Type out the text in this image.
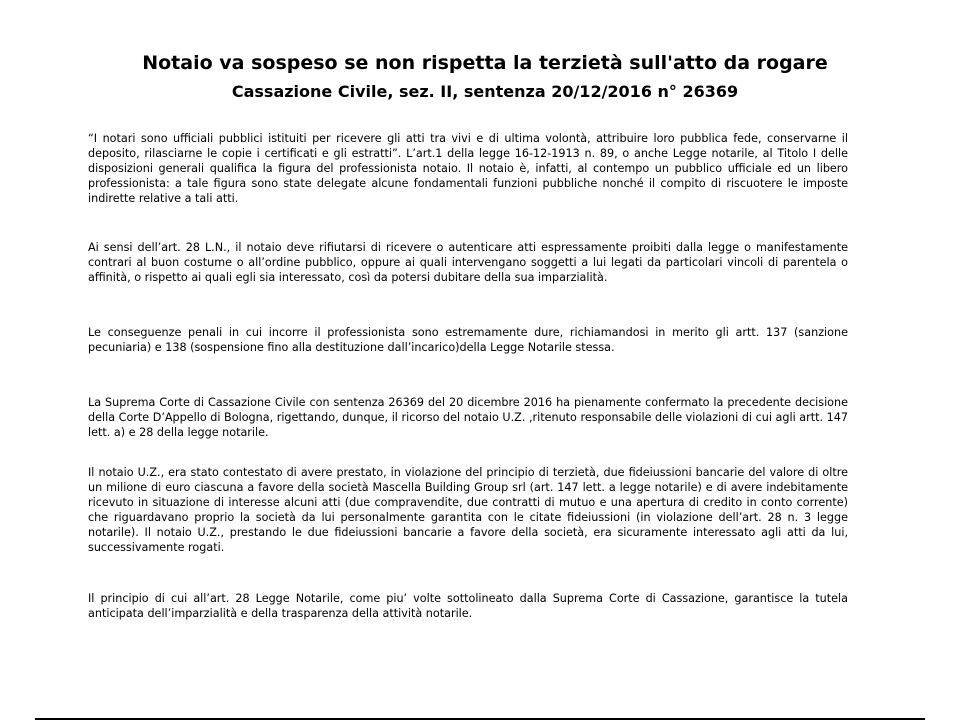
Notaio va sospeso se non rispetta la terzietà sull'atto da rogare
Cassazione Civile, sez. II, sentenza 20/12/2016 n° 26369

“I notari sono ufficiali pubblici istituiti per ricevere gli atti tra vivi e di ultima volontà, attribuire loro pubblica fede, conservarne il deposito, rilasciarne le copie i certificati e gli estratti”. L’art.1 della legge 16-12-1913 n. 89, o anche Legge notarile, al Titolo I delle disposizioni generali qualifica la figura del professionista notaio. Il notaio è, infatti, al contempo un pubblico ufficiale ed un libero professionista: a tale figura sono state delegate alcune fondamentali funzioni pubbliche nonché il compito di riscuotere le imposte indirette relative a tali atti.

Ai sensi dell’art. 28 L.N., il notaio deve rifiutarsi di ricevere o autenticare atti espressamente proibiti dalla legge o manifestamente contrari al buon costume o all’ordine pubblico, oppure ai quali intervengano soggetti a lui legati da particolari vincoli di parentela o affinità, o rispetto ai quali egli sia interessato, così da potersi dubitare della sua imparzialità.

Le conseguenze penali in cui incorre il professionista sono estremamente dure, richiamandosi in merito gli artt. 137 (sanzione pecuniaria) e 138 (sospensione fino alla destituzione dall’incarico)della Legge Notarile stessa.

La Suprema Corte di Cassazione Civile con sentenza 26369 del 20 dicembre 2016 ha pienamente confermato la precedente decisione della Corte D’Appello di Bologna, rigettando, dunque, il ricorso del notaio U.Z. ,ritenuto responsabile delle violazioni di cui agli artt. 147 lett. a) e 28 della legge notarile.

Il notaio U.Z., era stato contestato di avere prestato, in violazione del principio di terzietà, due fideiussioni bancarie del valore di oltre un milione di euro ciascuna a favore della società Mascella Building Group srl (art. 147 lett. a legge notarile) e di avere indebitamente ricevuto in situazione di interesse alcuni atti (due compravendite, due contratti di mutuo e una apertura di credito in conto corrente) che riguardavano proprio la società da lui personalmente garantita con le citate fideiussioni (in violazione dell’art. 28 n. 3 legge notarile). Il notaio U.Z., prestando le due fideiussioni bancarie a favore della società, era sicuramente interessato agli atti da lui, successivamente rogati.

Il principio di cui all’art. 28 Legge Notarile, come piu’ volte sottolineato dalla Suprema Corte di Cassazione, garantisce la tutela anticipata dell’imparzialità e della trasparenza della attività notarile.
